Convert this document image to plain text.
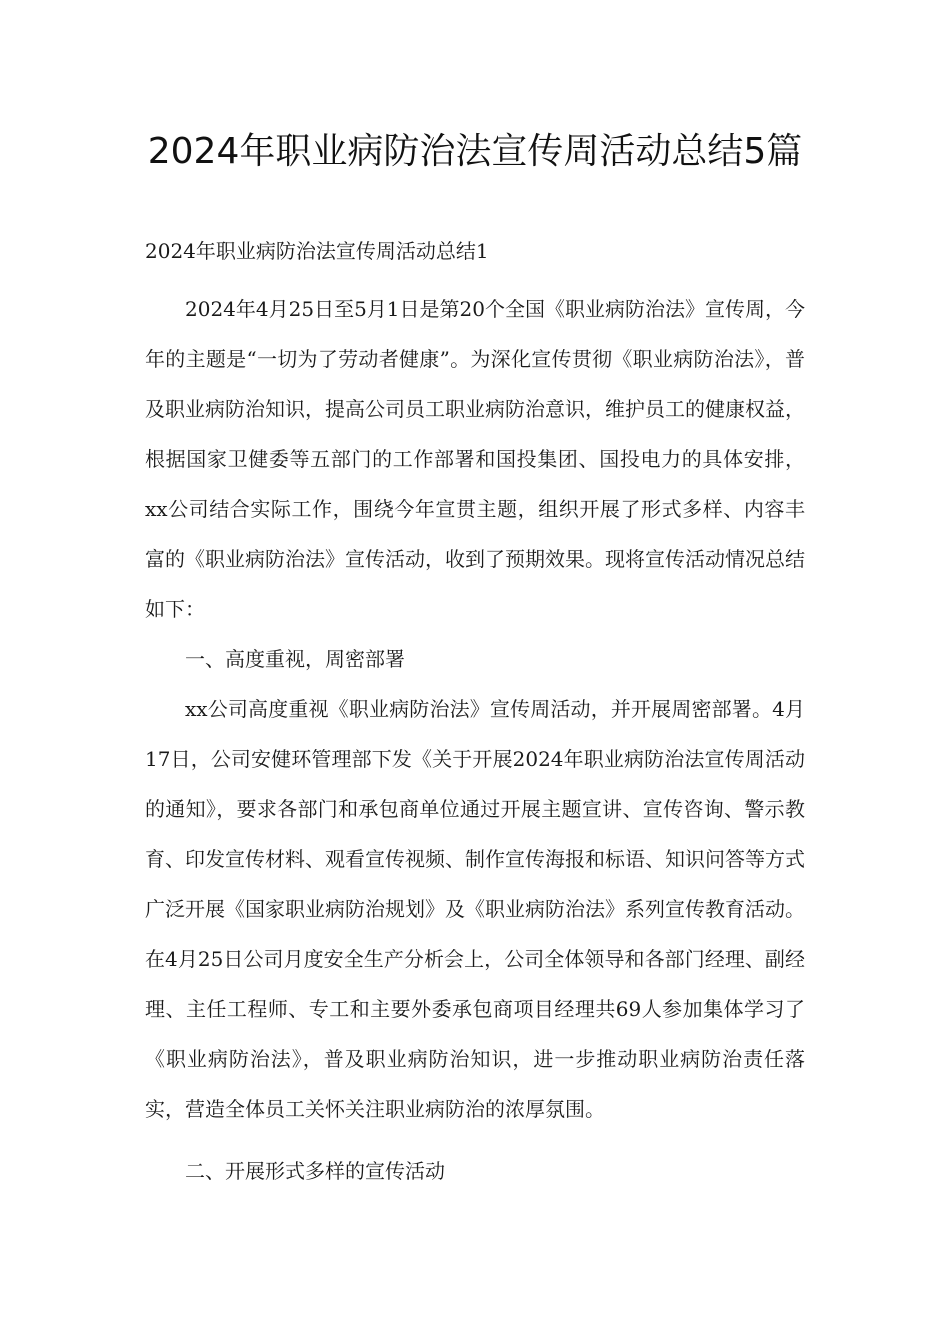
2024年职业病防治法宣传周活动总结5篇

2024年职业病防治法宣传周活动总结1

2024年4月25日至5月1日是第20个全国《职业病防治法》宣传周，今年的主题是“一切为了劳动者健康”。为深化宣传贯彻《职业病防治法》，普及职业病防治知识，提高公司员工职业病防治意识，维护员工的健康权益，根据国家卫健委等五部门的工作部署和国投集团、国投电力的具体安排，xx公司结合实际工作，围绕今年宣贯主题，组织开展了形式多样、内容丰富的《职业病防治法》宣传活动，收到了预期效果。现将宣传活动情况总结如下：

一、高度重视，周密部署

xx公司高度重视《职业病防治法》宣传周活动，并开展周密部署。4月17日，公司安健环管理部下发《关于开展2024年职业病防治法宣传周活动的通知》，要求各部门和承包商单位通过开展主题宣讲、宣传咨询、警示教育、印发宣传材料、观看宣传视频、制作宣传海报和标语、知识问答等方式广泛开展《国家职业病防治规划》及《职业病防治法》系列宣传教育活动。在4月25日公司月度安全生产分析会上，公司全体领导和各部门经理、副经理、主任工程师、专工和主要外委承包商项目经理共69人参加集体学习了《职业病防治法》，普及职业病防治知识，进一步推动职业病防治责任落实，营造全体员工关怀关注职业病防治的浓厚氛围。

二、开展形式多样的宣传活动
